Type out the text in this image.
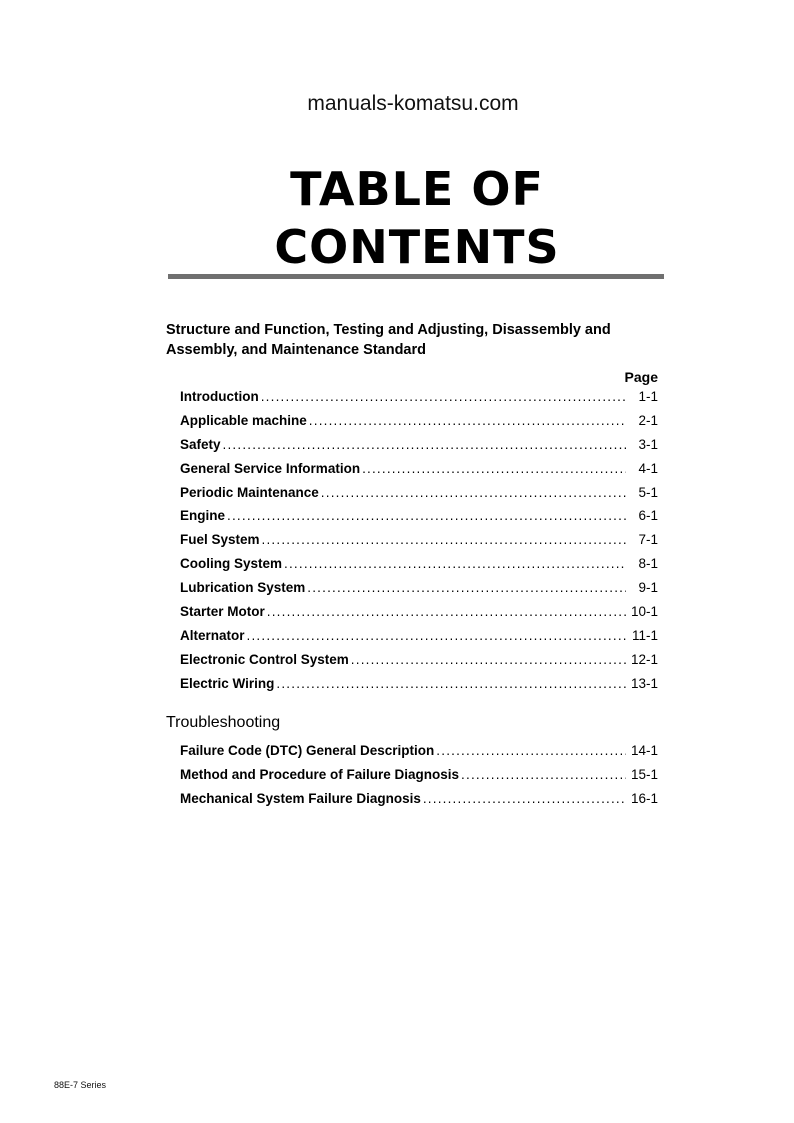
manuals-komatsu.com
TABLE OF
CONTENTS
Structure and Function, Testing and Adjusting, Disassembly and
Assembly, and Maintenance Standard
Page
Introduction .....	1-1
Applicable machine .....	2-1
Safety .....	3-1
General Service Information .....	4-1
Periodic Maintenance .....	5-1
Engine .....	6-1
Fuel System .....	7-1
Cooling System .....	8-1
Lubrication System .....	9-1
Starter Motor .....	10-1
Alternator .....	11-1
Electronic Control System .....	12-1
Electric Wiring .....	13-1
Troubleshooting
Failure Code (DTC) General Description .....	14-1
Method and Procedure of Failure Diagnosis .....	15-1
Mechanical System Failure Diagnosis .....	16-1
88E-7 Series
